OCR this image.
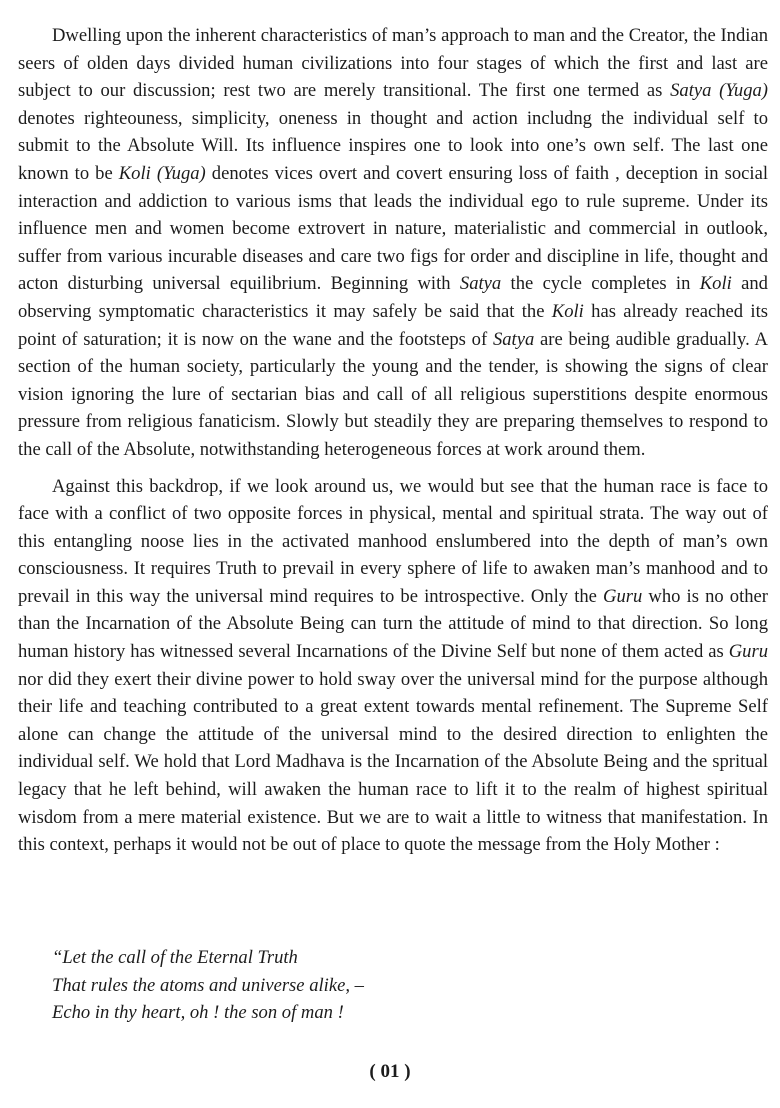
Dwelling upon the inherent characteristics of man’s approach to man and the Creator, the Indian seers of olden days divided human civilizations into four stages of which the first and last are subject to our discussion; rest two are merely transitional. The first one termed as Satya (Yuga) denotes righteouness, simplicity, oneness in thought and action includng the individual self to submit to the Absolute Will. Its influence inspires one to look into one’s own self. The last one known to be Koli (Yuga) denotes vices overt and covert ensuring loss of faith , deception in social interaction and addiction to various isms that leads the individual ego to rule supreme. Under its influence men and women become extrovert in nature, materialistic and commercial in outlook, suffer from various incurable diseases and care two figs for order and discipline in life, thought and acton disturbing universal equilibrium. Beginning with Satya the cycle completes in Koli and observing symptomatic characteristics it may safely be said that the Koli has already reached its point of saturation; it is now on the wane and the footsteps of Satya are being audible gradually. A section of the human society, particularly the young and the tender, is showing the signs of clear vision ignoring the lure of sectarian bias and call of all religious superstitions despite enormous pressure from religious fanaticism. Slowly but steadily they are preparing themselves to respond to the call of the Absolute, notwithstanding heterogeneous forces at work around them.

Against this backdrop, if we look around us, we would but see that the human race is face to face with a conflict of two opposite forces in physical, mental and spiritual strata. The way out of this entangling noose lies in the activated manhood enslumbered into the depth of man’s own consciousness. It requires Truth to prevail in every sphere of life to awaken man’s manhood and to prevail in this way the universal mind requires to be introspective. Only the Guru who is no other than the Incarnation of the Absolute Being can turn the attitude of mind to that direction. So long human history has witnessed several Incarnations of the Divine Self but none of them acted as Guru nor did they exert their divine power to hold sway over the universal mind for the purpose although their life and teaching contributed to a great extent towards mental refinement. The Supreme Self alone can change the attitude of the universal mind to the desired direction to enlighten the individual self. We hold that Lord Madhava is the Incarnation of the Absolute Being and the spritual legacy that he left behind, will awaken the human race to lift it to the realm of highest spiritual wisdom from a mere material existence. But we are to wait a little to witness that manifestation. In this context, perhaps it would not be out of place to quote the message from the Holy Mother :

“Let the call of the Eternal Truth
That rules the atoms and universe alike, –
Echo in thy heart, oh ! the son of man !
( 01 )
